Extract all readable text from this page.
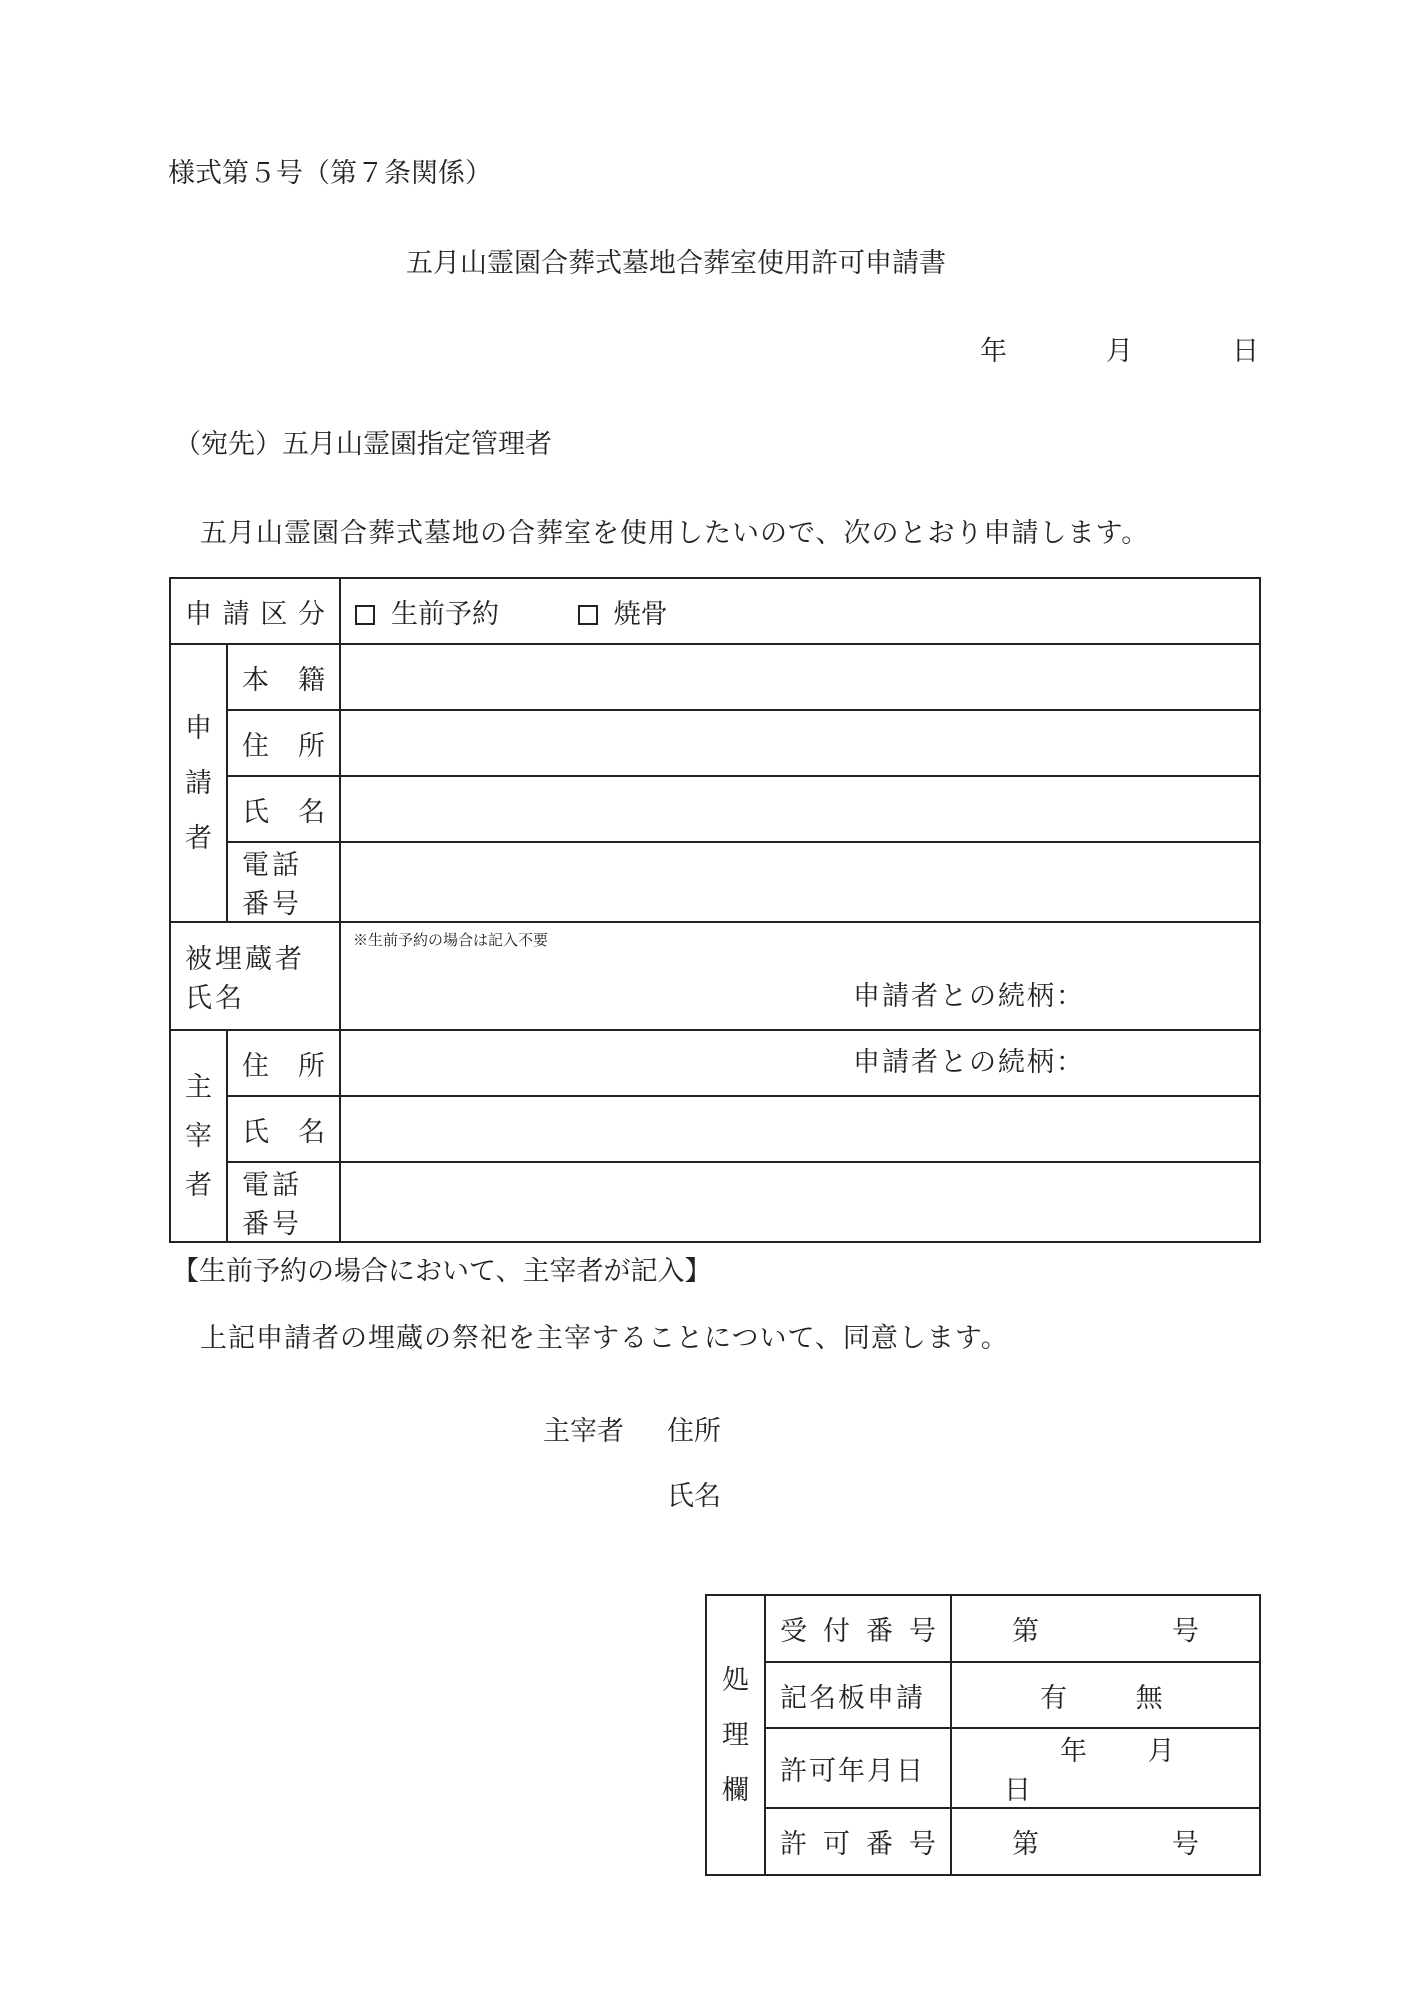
様式第５号（第７条関係）
五月山霊園合葬式墓地合葬室使用許可申請書
年	月	日
（宛先）五月山霊園指定管理者
五月山霊園合葬式墓地の合葬室を使用したいので、次のとおり申請します。
申 請 区 分		生前予約 焼骨

申
請
者	本 籍	

	住 所	

	氏 名	

	電話番号	
被埋蔵者氏名		※生前予約の場合は記入不要
申請者との続柄：

主
宰
者	住 所	申請者との続柄：

	氏 名	

	電話番号	
【生前予約の場合において、主宰者が記入】
上記申請者の埋蔵の祭祀を主宰することについて、同意します。
主宰者 住所
氏名
処
理
欄	受 付 番 号	第 号

	記名板申請	有 無
	許可年月日	年 月 日

	許 可 番 号	第 号
